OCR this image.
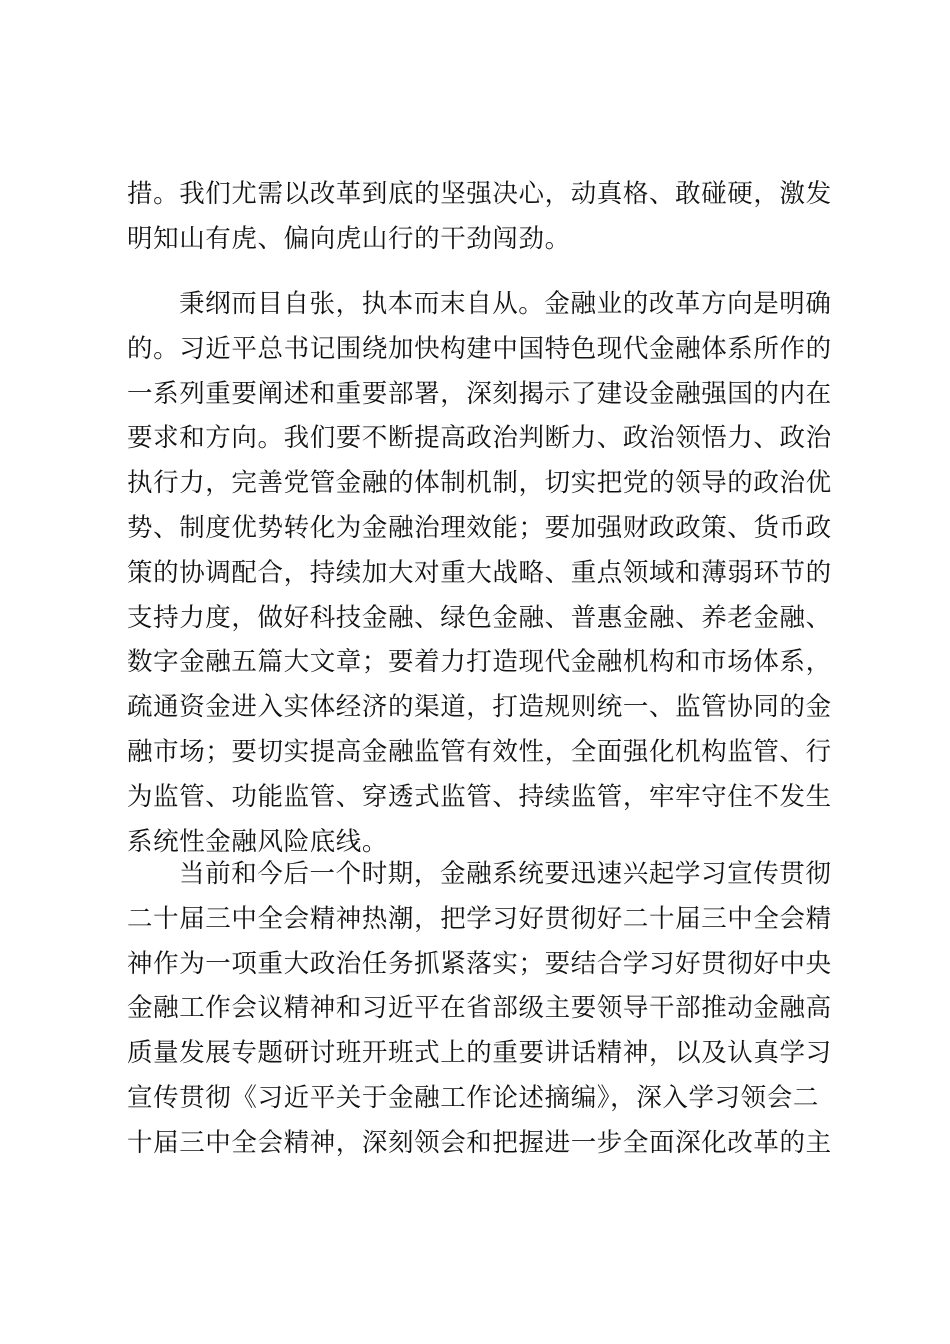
措。我们尤需以改革到底的坚强决心，动真格、敢碰硬，激发
明知山有虎、偏向虎山行的干劲闯劲。
秉纲而目自张，执本而末自从。金融业的改革方向是明确
的。习近平总书记围绕加快构建中国特色现代金融体系所作的
一系列重要阐述和重要部署，深刻揭示了建设金融强国的内在
要求和方向。我们要不断提高政治判断力、政治领悟力、政治
执行力，完善党管金融的体制机制，切实把党的领导的政治优
势、制度优势转化为金融治理效能；要加强财政政策、货币政
策的协调配合，持续加大对重大战略、重点领域和薄弱环节的
支持力度，做好科技金融、绿色金融、普惠金融、养老金融、
数字金融五篇大文章；要着力打造现代金融机构和市场体系，
疏通资金进入实体经济的渠道，打造规则统一、监管协同的金
融市场；要切实提高金融监管有效性，全面强化机构监管、行
为监管、功能监管、穿透式监管、持续监管，牢牢守住不发生
系统性金融风险底线。
当前和今后一个时期，金融系统要迅速兴起学习宣传贯彻
二十届三中全会精神热潮，把学习好贯彻好二十届三中全会精
神作为一项重大政治任务抓紧落实；要结合学习好贯彻好中央
金融工作会议精神和习近平在省部级主要领导干部推动金融高
质量发展专题研讨班开班式上的重要讲话精神，以及认真学习
宣传贯彻《习近平关于金融工作论述摘编》，深入学习领会二
十届三中全会精神，深刻领会和把握进一步全面深化改革的主
